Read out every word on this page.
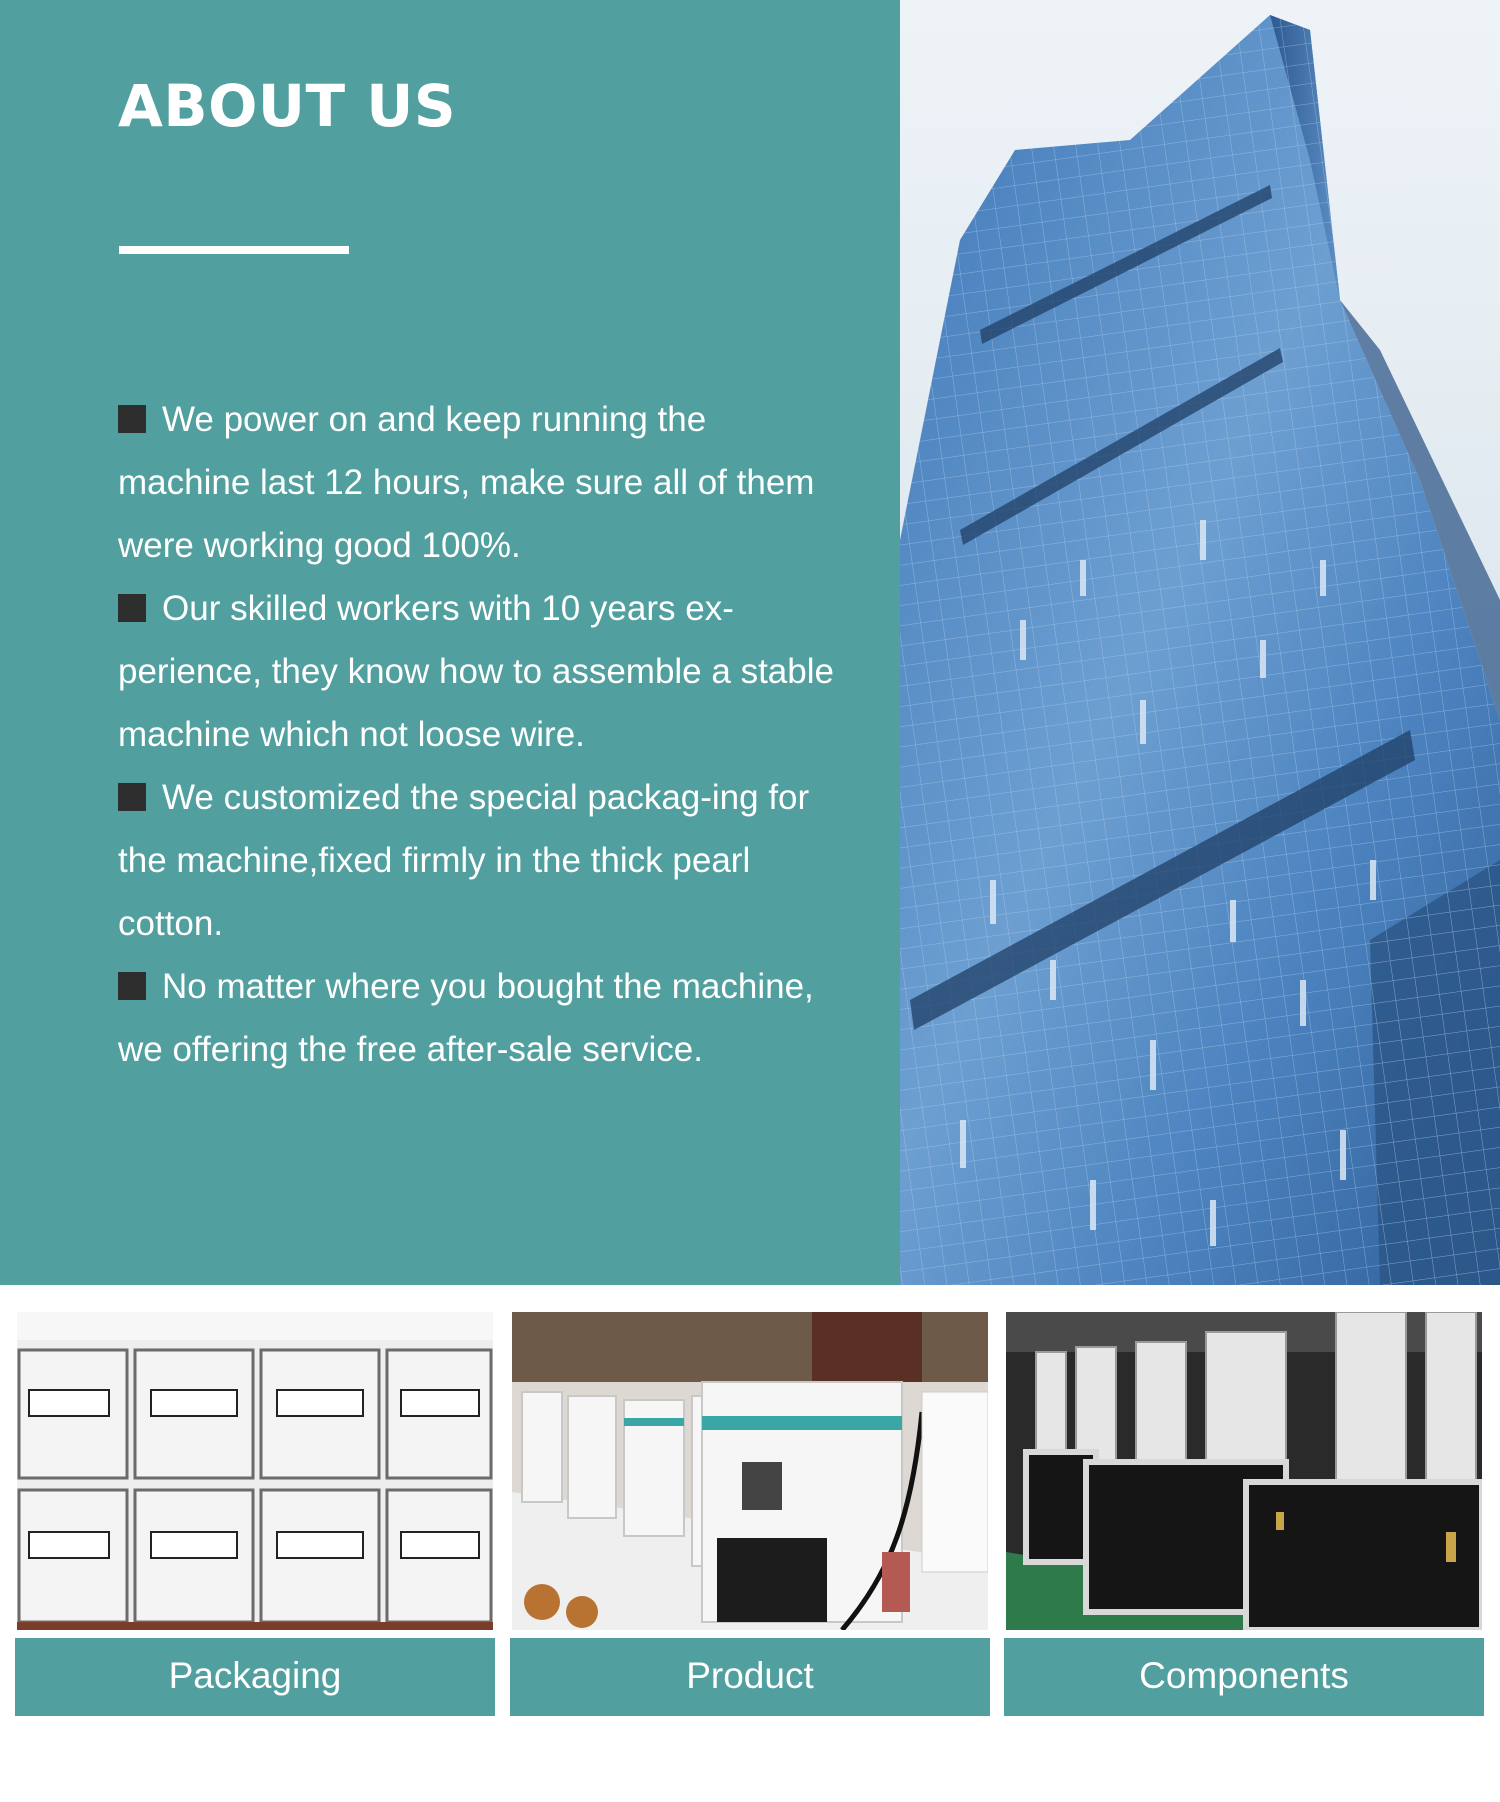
ABOUT US
We power on and keep running the machine last 12 hours, make sure all of them were working good 100%.
Our skilled workers with 10 years ex-perience, they know how to assemble a stable machine which not loose wire.
We customized the special packag-ing for the machine,fixed firmly in the thick pearl cotton.
No matter where you bought the machine, we offering the free after-sale service.
Packaging	Product	Components
